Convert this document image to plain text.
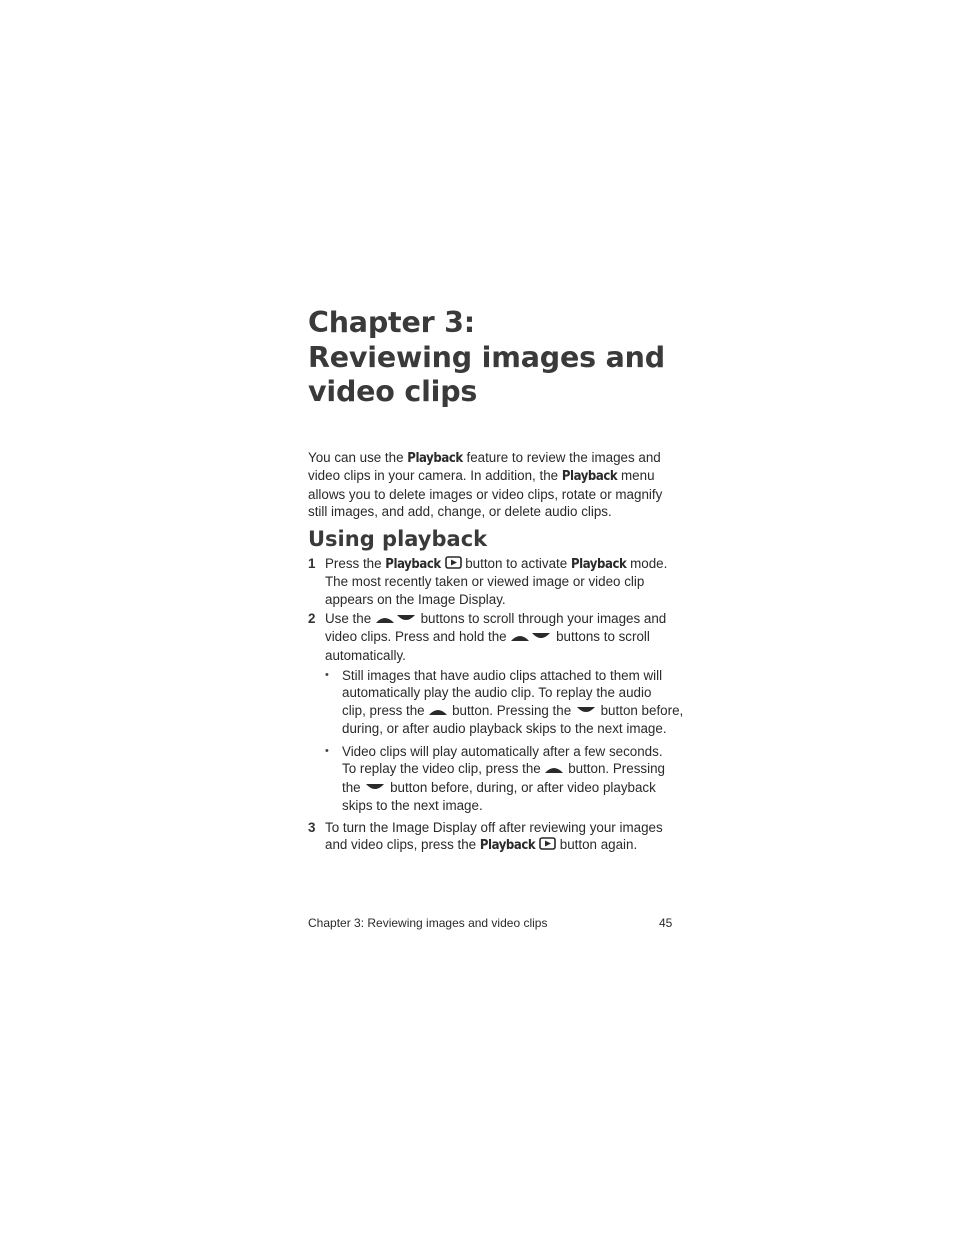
Chapter 3:
Reviewing images and
video clips
You can use the Playback feature to review the images and
video clips in your camera. In addition, the Playback menu
allows you to delete images or video clips, rotate or magnify
still images, and add, change, or delete audio clips.
Using playback
1 Press the Playback  button to activate Playback mode.
The most recently taken or viewed image or video clip
appears on the Image Display.
2 Use the	buttons to scroll through your images and
video clips. Press and hold the	buttons to scroll
automatically.
• Still images that have audio clips attached to them will
automatically play the audio clip. To replay the audio
clip, press the  button. Pressing the  button before,
during, or after audio playback skips to the next image.
• Video clips will play automatically after a few seconds.
To replay the video clip, press the  button. Pressing
the  button before, during, or after video playback
skips to the next image.
3 To turn the Image Display off after reviewing your images
and video clips, press the Playback  button again.
Chapter 3: Reviewing images and video clips	45
